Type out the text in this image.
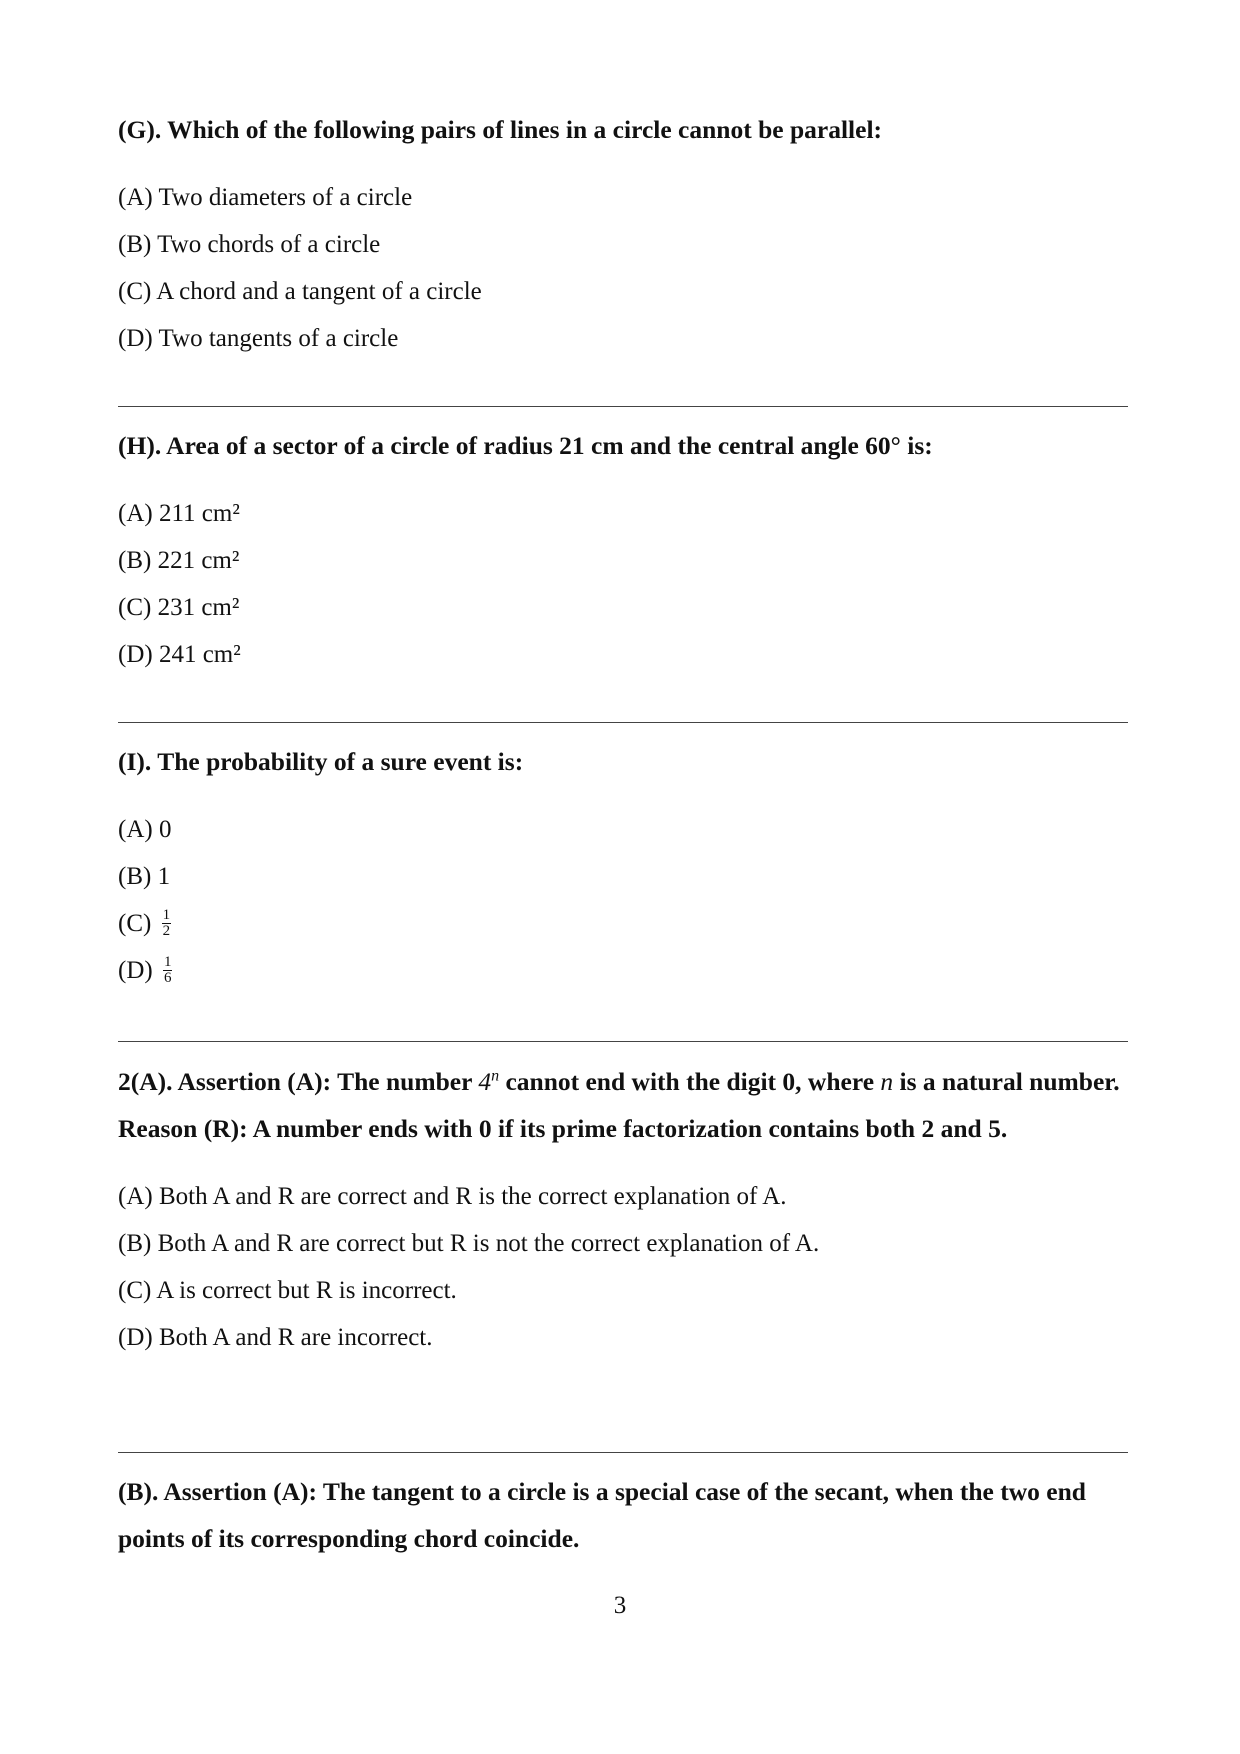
(G). Which of the following pairs of lines in a circle cannot be parallel:

(A) Two diameters of a circle
(B) Two chords of a circle
(C) A chord and a tangent of a circle
(D) Two tangents of a circle

(H). Area of a sector of a circle of radius 21 cm and the central angle 60° is:

(A) 211 cm²
(B) 221 cm²
(C) 231 cm²
(D) 241 cm²

(I). The probability of a sure event is:

(A) 0
(B) 1
$(C) \frac{1}{2}$
$(D) \frac{1}{6}$

2(A). Assertion (A): The number 4$^n$ cannot end with the digit 0, where n is a natural number.

Reason (R): A number ends with 0 if its prime factorization contains both 2 and 5.

(A) Both A and R are correct and R is the correct explanation of A.
(B) Both A and R are correct but R is not the correct explanation of A.
(C) A is correct but R is incorrect.
(D) Both A and R are incorrect.

(B). Assertion (A): The tangent to a circle is a special case of the secant, when the two end points of its corresponding chord coincide.

3
